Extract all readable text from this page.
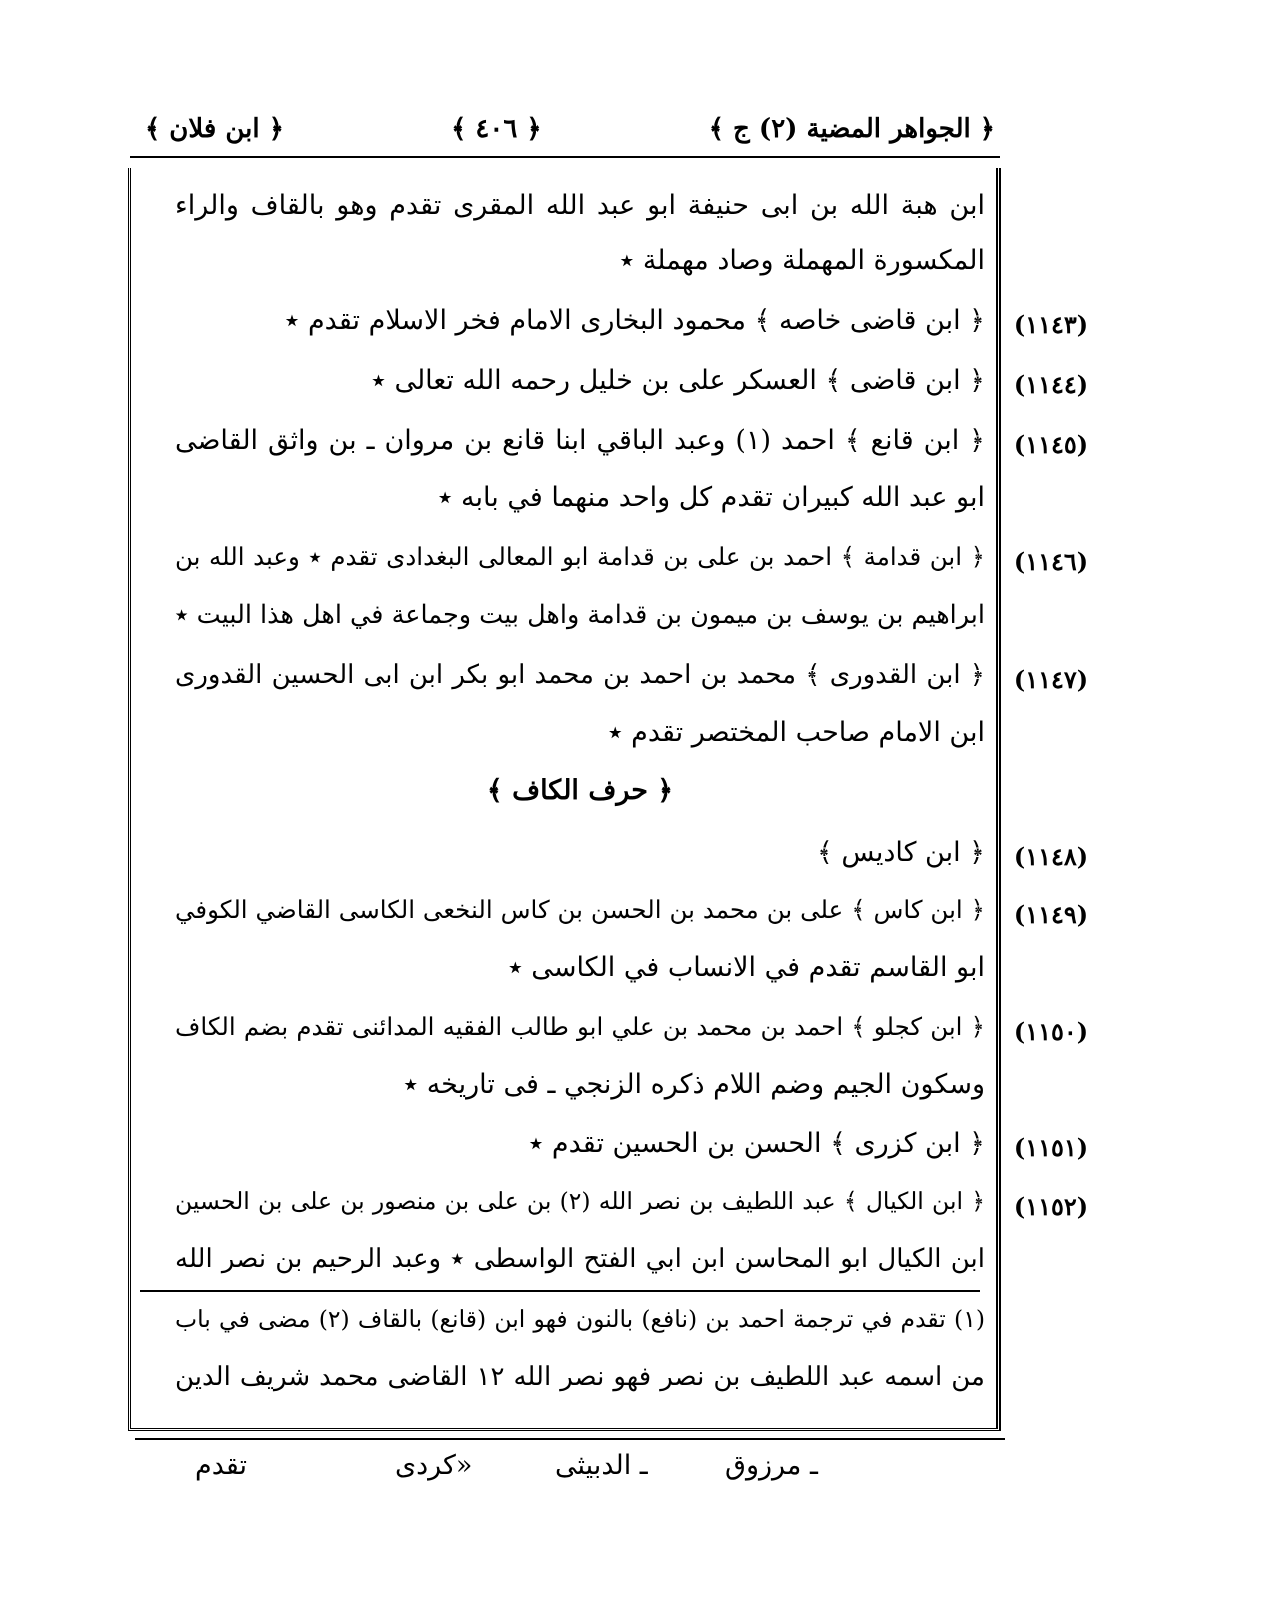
﴿ الجواهر المضية (٢) ج ﴾
﴿ ٤٠٦ ﴾
﴿ ابن فلان ﴾
ابن هبة الله بن ابى حنيفة ابو عبد الله المقرى تقدم وهو بالقاف والراء
المكسورة المهملة وصاد مهملة ٭
(١١٤٣)
﴿ ابن قاضى خاصه ﴾ محمود البخارى الامام فخر الاسلام تقدم ٭
(١١٤٤)
﴿ ابن قاضى ﴾ العسكر على بن خليل رحمه الله تعالى ٭
(١١٤٥)
﴿ ابن قانع ﴾ احمد (١) وعبد الباقي ابنا قانع بن مروان ـ بن واثق القاضى
ابو عبد الله كبيران تقدم كل واحد منهما في بابه ٭
(١١٤٦)
﴿ ابن قدامة ﴾ احمد بن على بن قدامة ابو المعالى البغدادى تقدم ٭ وعبد الله بن
ابراهيم بن يوسف بن ميمون بن قدامة واهل بيت وجماعة في اهل هذا البيت ٭
(١١٤٧)
﴿ ابن القدورى ﴾ محمد بن احمد بن محمد ابو بكر ابن ابى الحسين القدورى
ابن الامام صاحب المختصر تقدم ٭
﴿ حرف الكاف ﴾
(١١٤٨)
﴿ ابن كاديس ﴾
(١١٤٩)
﴿ ابن كاس ﴾ على بن محمد بن الحسن بن كاس النخعى الكاسى القاضي الكوفي
ابو القاسم تقدم في الانساب في الكاسى ٭
(١١٥٠)
﴿ ابن كجلو ﴾ احمد بن محمد بن علي ابو طالب الفقيه المدائنى تقدم بضم الكاف
وسكون الجيم وضم اللام ذكره الزنجي ـ فى تاريخه ٭
(١١٥١)
﴿ ابن كزرى ﴾ الحسن بن الحسين تقدم ٭
(١١٥٢)
﴿ ابن الكيال ﴾ عبد اللطيف بن نصر الله (٢) بن على بن منصور بن على بن الحسين
ابن الكيال ابو المحاسن ابن ابي الفتح الواسطى ٭ وعبد الرحيم بن نصر الله
(١) تقدم في ترجمة احمد بن (نافع) بالنون فهو ابن (قانع) بالقاف (٢) مضى في باب
من اسمه عبد اللطيف بن نصر فهو نصر الله ١٢ القاضى محمد شريف الدين
ـ مرزوق
ـ الدبيثى
«كردى
تقدم
